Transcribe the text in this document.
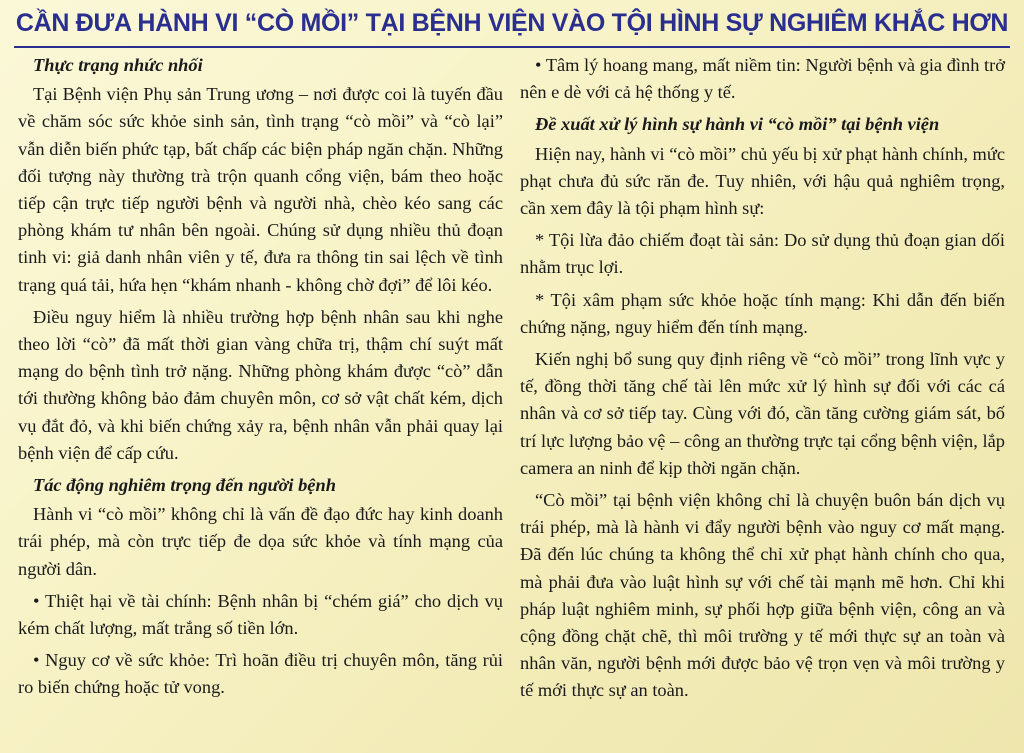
CẦN ĐƯA HÀNH VI “CÒ MỒI” TẠI BỆNH VIỆN VÀO TỘI HÌNH SỰ NGHIÊM KHẮC HƠN

Thực trạng nhức nhối

Tại Bệnh viện Phụ sản Trung ương – nơi được coi là tuyến đầu về chăm sóc sức khỏe sinh sản, tình trạng “cò mồi” và “cò lại” vẫn diễn biến phức tạp, bất chấp các biện pháp ngăn chặn. Những đối tượng này thường trà trộn quanh cổng viện, bám theo hoặc tiếp cận trực tiếp người bệnh và người nhà, chèo kéo sang các phòng khám tư nhân bên ngoài. Chúng sử dụng nhiều thủ đoạn tinh vi: giả danh nhân viên y tế, đưa ra thông tin sai lệch về tình trạng quá tải, hứa hẹn “khám nhanh - không chờ đợi” để lôi kéo.

Điều nguy hiểm là nhiều trường hợp bệnh nhân sau khi nghe theo lời “cò” đã mất thời gian vàng chữa trị, thậm chí suýt mất mạng do bệnh tình trở nặng. Những phòng khám được “cò” dẫn tới thường không bảo đảm chuyên môn, cơ sở vật chất kém, dịch vụ đắt đỏ, và khi biến chứng xảy ra, bệnh nhân vẫn phải quay lại bệnh viện để cấp cứu.

Tác động nghiêm trọng đến người bệnh

Hành vi “cò mồi” không chỉ là vấn đề đạo đức hay kinh doanh trái phép, mà còn trực tiếp đe dọa sức khỏe và tính mạng của người dân.

• Thiệt hại về tài chính: Bệnh nhân bị “chém giá” cho dịch vụ kém chất lượng, mất trắng số tiền lớn.

• Nguy cơ về sức khỏe: Trì hoãn điều trị chuyên môn, tăng rủi ro biến chứng hoặc tử vong.

• Tâm lý hoang mang, mất niềm tin: Người bệnh và gia đình trở nên e dè với cả hệ thống y tế.

Đề xuất xử lý hình sự hành vi “cò mồi” tại bệnh viện

Hiện nay, hành vi “cò mồi” chủ yếu bị xử phạt hành chính, mức phạt chưa đủ sức răn đe. Tuy nhiên, với hậu quả nghiêm trọng, cần xem đây là tội phạm hình sự:

* Tội lừa đảo chiếm đoạt tài sản: Do sử dụng thủ đoạn gian dối nhằm trục lợi.

* Tội xâm phạm sức khỏe hoặc tính mạng: Khi dẫn đến biến chứng nặng, nguy hiểm đến tính mạng.

Kiến nghị bổ sung quy định riêng về “cò mồi” trong lĩnh vực y tế, đồng thời tăng chế tài lên mức xử lý hình sự đối với các cá nhân và cơ sở tiếp tay. Cùng với đó, cần tăng cường giám sát, bố trí lực lượng bảo vệ – công an thường trực tại cổng bệnh viện, lắp camera an ninh để kịp thời ngăn chặn.

“Cò mồi” tại bệnh viện không chỉ là chuyện buôn bán dịch vụ trái phép, mà là hành vi đẩy người bệnh vào nguy cơ mất mạng. Đã đến lúc chúng ta không thể chỉ xử phạt hành chính cho qua, mà phải đưa vào luật hình sự với chế tài mạnh mẽ hơn. Chỉ khi pháp luật nghiêm minh, sự phối hợp giữa bệnh viện, công an và cộng đồng chặt chẽ, thì môi trường y tế mới thực sự an toàn và nhân văn, người bệnh mới được bảo vệ trọn vẹn và môi trường y tế mới thực sự an toàn.
